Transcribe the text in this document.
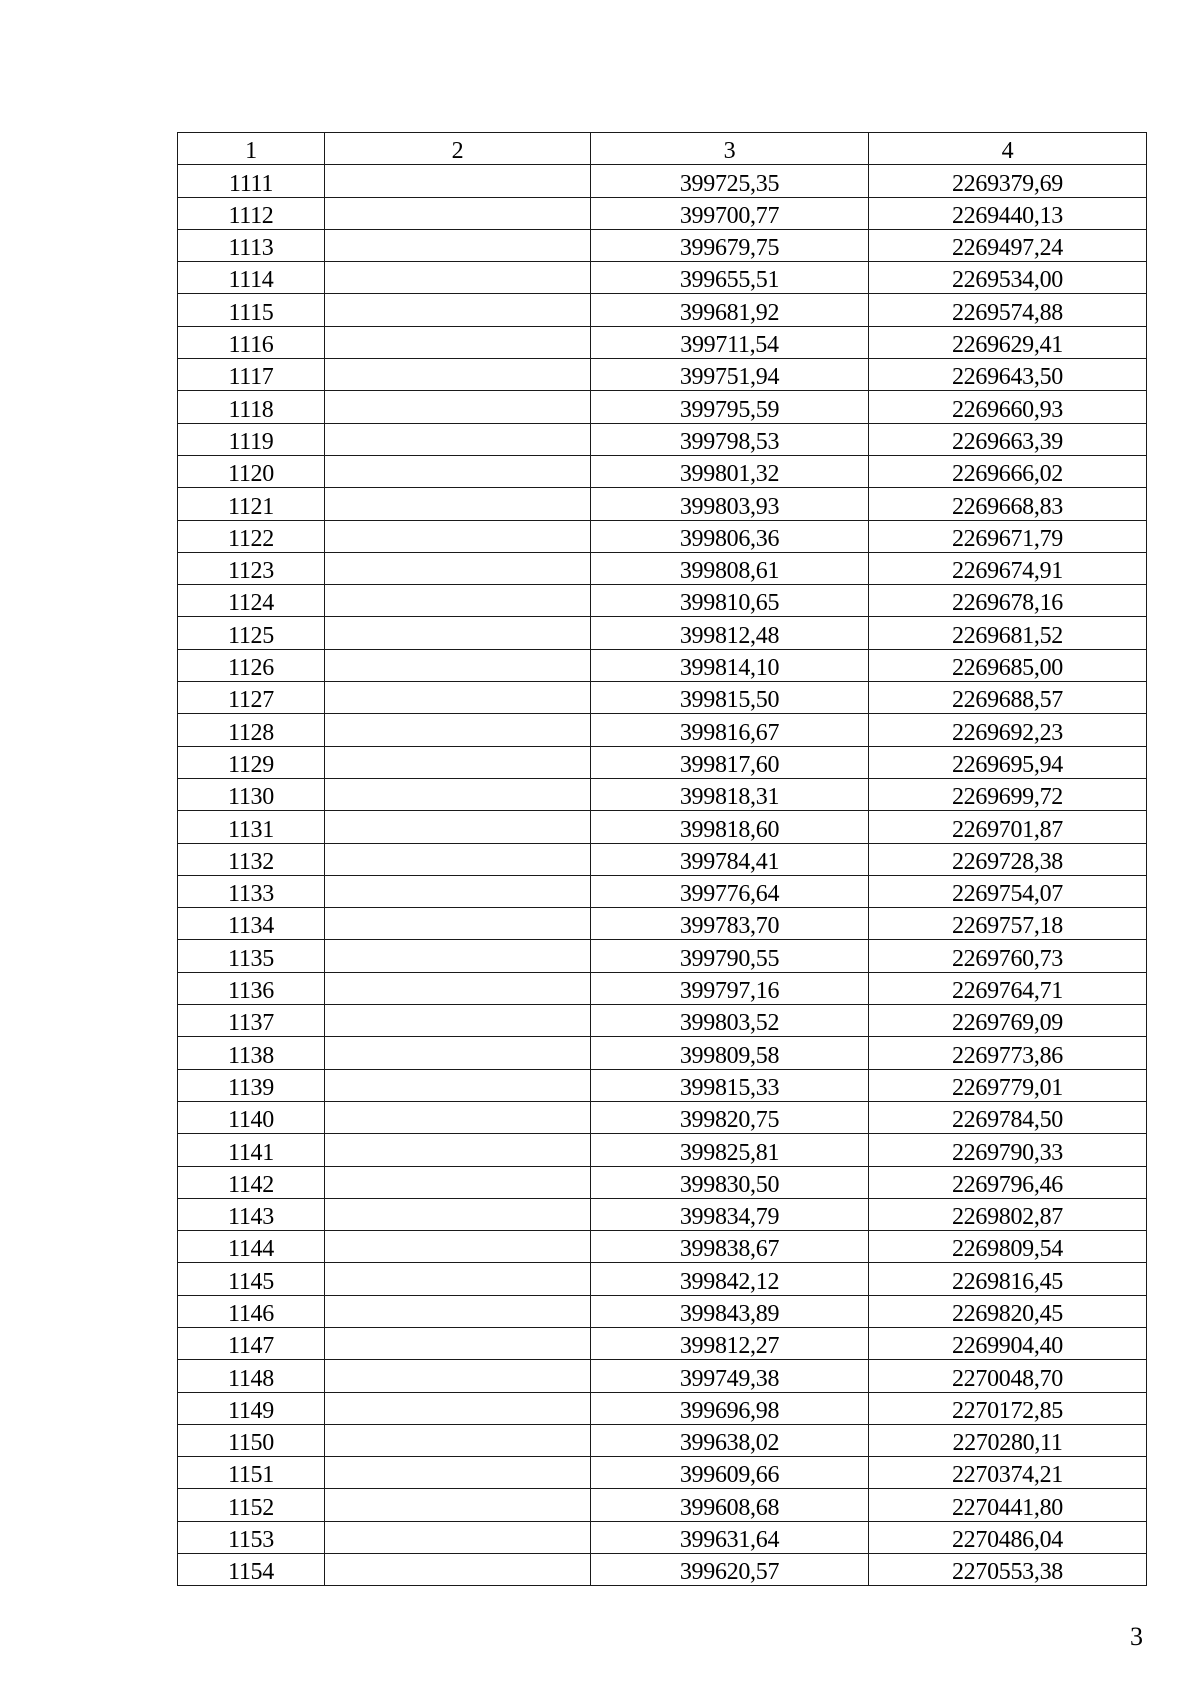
1	2	3	4
1111		399725,35	2269379,69
1112		399700,77	2269440,13
1113		399679,75	2269497,24
1114		399655,51	2269534,00
1115		399681,92	2269574,88
1116		399711,54	2269629,41
1117		399751,94	2269643,50
1118		399795,59	2269660,93
1119		399798,53	2269663,39
1120		399801,32	2269666,02
1121		399803,93	2269668,83
1122		399806,36	2269671,79
1123		399808,61	2269674,91
1124		399810,65	2269678,16
1125		399812,48	2269681,52
1126		399814,10	2269685,00
1127		399815,50	2269688,57
1128		399816,67	2269692,23
1129		399817,60	2269695,94
1130		399818,31	2269699,72
1131		399818,60	2269701,87
1132		399784,41	2269728,38
1133		399776,64	2269754,07
1134		399783,70	2269757,18
1135		399790,55	2269760,73
1136		399797,16	2269764,71
1137		399803,52	2269769,09
1138		399809,58	2269773,86
1139		399815,33	2269779,01
1140		399820,75	2269784,50
1141		399825,81	2269790,33
1142		399830,50	2269796,46
1143		399834,79	2269802,87
1144		399838,67	2269809,54
1145		399842,12	2269816,45
1146		399843,89	2269820,45
1147		399812,27	2269904,40
1148		399749,38	2270048,70
1149		399696,98	2270172,85
1150		399638,02	2270280,11
1151		399609,66	2270374,21
1152		399608,68	2270441,80
1153		399631,64	2270486,04
1154		399620,57	2270553,38
3
